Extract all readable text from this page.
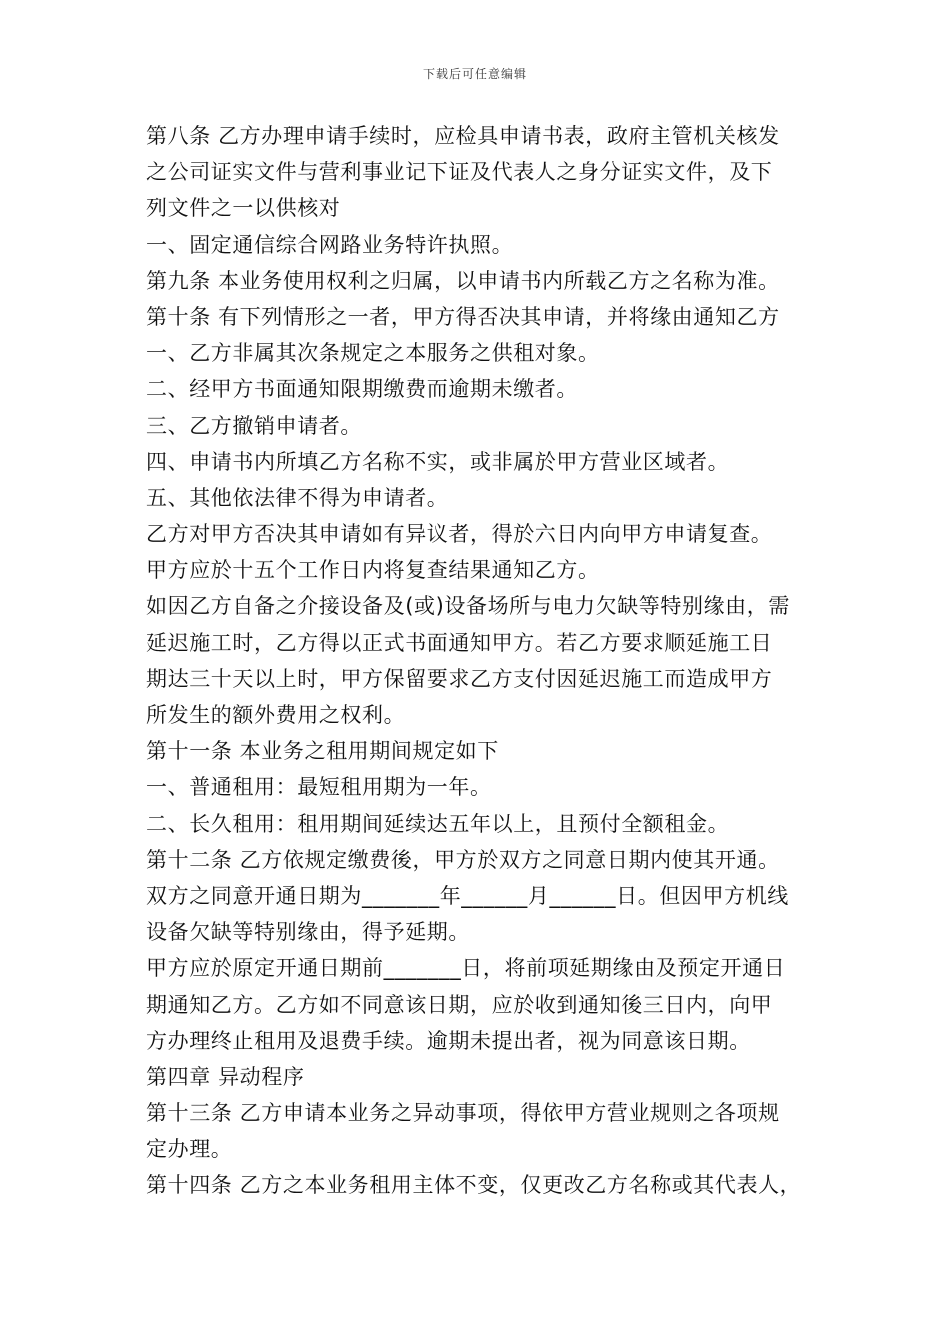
下载后可任意编辑
第八条 乙方办理申请手续时，应检具申请书表，政府主管机关核发
之公司证实文件与营利事业记下证及代表人之身分证实文件，及下
列文件之一以供核对
一、固定通信综合网路业务特许执照。
第九条 本业务使用权利之归属，以申请书内所载乙方之名称为准。
第十条 有下列情形之一者，甲方得否决其申请，并将缘由通知乙方
一、乙方非属其次条规定之本服务之供租对象。
二、经甲方书面通知限期缴费而逾期未缴者。
三、乙方撤销申请者。
四、申请书内所填乙方名称不实，或非属於甲方营业区域者。
五、其他依法律不得为申请者。
乙方对甲方否决其申请如有异议者，得於六日内向甲方申请复查。
甲方应於十五个工作日内将复查结果通知乙方。
如因乙方自备之介接设备及(或)设备场所与电力欠缺等特别缘由，需
延迟施工时，乙方得以正式书面通知甲方。若乙方要求顺延施工日
期达三十天以上时，甲方保留要求乙方支付因延迟施工而造成甲方
所发生的额外费用之权利。
第十一条 本业务之租用期间规定如下
一、普通租用：最短租用期为一年。
二、长久租用：租用期间延续达五年以上，且预付全额租金。
第十二条 乙方依规定缴费後，甲方於双方之同意日期内使其开通。
双方之同意开通日期为_______年______月______日。但因甲方机线
设备欠缺等特别缘由，得予延期。
甲方应於原定开通日期前_______日，将前项延期缘由及预定开通日
期通知乙方。乙方如不同意该日期，应於收到通知後三日内，向甲
方办理终止租用及退费手续。逾期未提出者，视为同意该日期。
第四章 异动程序
第十三条 乙方申请本业务之异动事项，得依甲方营业规则之各项规
定办理。
第十四条 乙方之本业务租用主体不变，仅更改乙方名称或其代表人，
